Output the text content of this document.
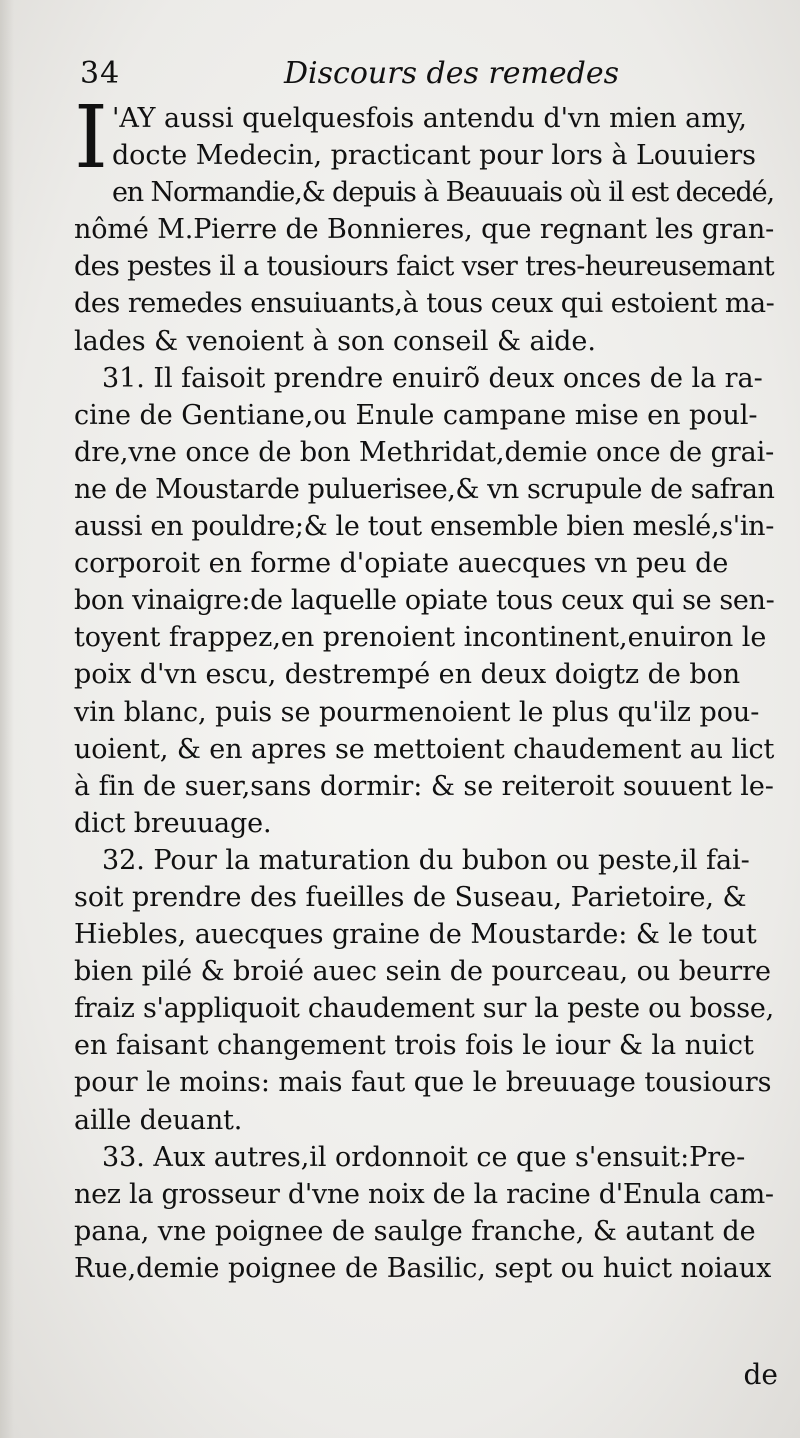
34	Discours des remedes
I 'AY aussi quelquesfois antendu d'vn mien amy,
docte Medecin, practicant pour lors à Louuiers
en Normandie,& depuis à Beauuais où il est decedé,
nômé M.Pierre de Bonnieres, que regnant les gran-
des pestes il a tousiours faict vser tres-heureusemant
des remedes ensuiuants,à tous ceux qui estoient ma-
lades & venoient à son conseil & aide.
31. Il faisoit prendre enuirõ deux onces de la ra-
cine de Gentiane,ou Enule campane mise en poul-
dre,vne once de bon Methridat,demie once de grai-
ne de Moustarde puluerisee,& vn scrupule de safran
aussi en pouldre;& le tout ensemble bien meslé,s'in-
corporoit en forme d'opiate auecques vn peu de
bon vinaigre:de laquelle opiate tous ceux qui se sen-
toyent frappez,en prenoient incontinent,enuiron le
poix d'vn escu, destrempé en deux doigtz de bon
vin blanc, puis se pourmenoient le plus qu'ilz pou-
uoient, & en apres se mettoient chaudement au lict
à fin de suer,sans dormir: & se reiteroit souuent le-
dict breuuage.
32. Pour la maturation du bubon ou peste,il fai-
soit prendre des fueilles de Suseau, Parietoire, &
Hiebles, auecques graine de Moustarde: & le tout
bien pilé & broié auec sein de pourceau, ou beurre
fraiz s'appliquoit chaudement sur la peste ou bosse,
en faisant changement trois fois le iour & la nuict
pour le moins: mais faut que le breuuage tousiours
aille deuant.
33. Aux autres,il ordonnoit ce que s'ensuit:Pre-
nez la grosseur d'vne noix de la racine d'Enula cam-
pana, vne poignee de saulge franche, & autant de
Rue,demie poignee de Basilic, sept ou huict noiaux
de
